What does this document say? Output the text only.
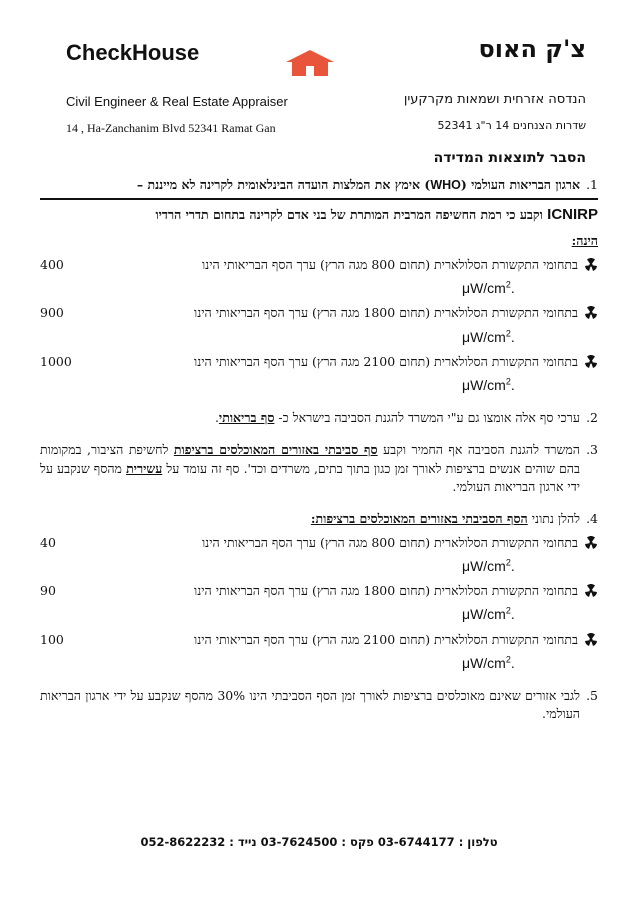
CheckHouse	צ'ק האוס
Civil Engineer & Real Estate Appraiser	הנדסה אזרחית ושמאות מקרקעין
14 , Ha-Zanchanim Blvd 52341 Ramat Gan	שדרות הצנחנים 14 ר"ג 52341
הסבר לתוצאות המדידה
1.
ארגון הבריאות העולמי (WHO) אימץ את המלצות הועדה הבינלאומית לקרינה לא מייננת –
ICNIRP וקבע כי רמת החשיפה המרבית המותרת של בני אדם לקרינה בתחום תדרי הרדיו
הינה:
בתחומי התקשורת הסלולארית (תחום 800 מגה הרץ) ערך הסף הבריאותי הינו
400
$\mu W/cm^2$.
בתחומי התקשורת הסלולארית (תחום 1800 מגה הרץ) ערך הסף הבריאותי הינו
900
$\mu W/cm^2$.
בתחומי התקשורת הסלולארית (תחום 2100 מגה הרץ) ערך הסף הבריאותי הינו
1000
$\mu W/cm^2$.
2.
ערכי סף אלה אומצו גם ע"י המשרד להגנת הסביבה בישראל כ- סף בריאותי.
3.
המשרד להגנת הסביבה אף החמיר וקבע סף סביבתי באזורים המאוכלסים ברציפות לחשיפת הציבור, במקומות בהם שוהים אנשים ברציפות לאורך זמן כגון בתוך בתים, משרדים וכד'. סף זה עומד על עשירית מהסף שנקבע על ידי ארגון הבריאות העולמי.
4.
להלן נתוני הסף הסביבתי באזורים המאוכלסים ברציפות:
בתחומי התקשורת הסלולארית (תחום 800 מגה הרץ) ערך הסף הבריאותי הינו
40
$\mu W/cm^2$.
בתחומי התקשורת הסלולארית (תחום 1800 מגה הרץ) ערך הסף הבריאותי הינו
90
$\mu W/cm^2$.
בתחומי התקשורת הסלולארית (תחום 2100 מגה הרץ) ערך הסף הבריאותי הינו
100
$\mu W/cm^2$.
5.
לגבי אזורים שאינם מאוכלסים ברציפות לאורך זמן הסף הסביבתי הינו 30% מהסף שנקבע על ידי ארגון הבריאות העולמי.
טלפון : 03-6744177 פקס : 03-7624500 נייד : 052-8622232
